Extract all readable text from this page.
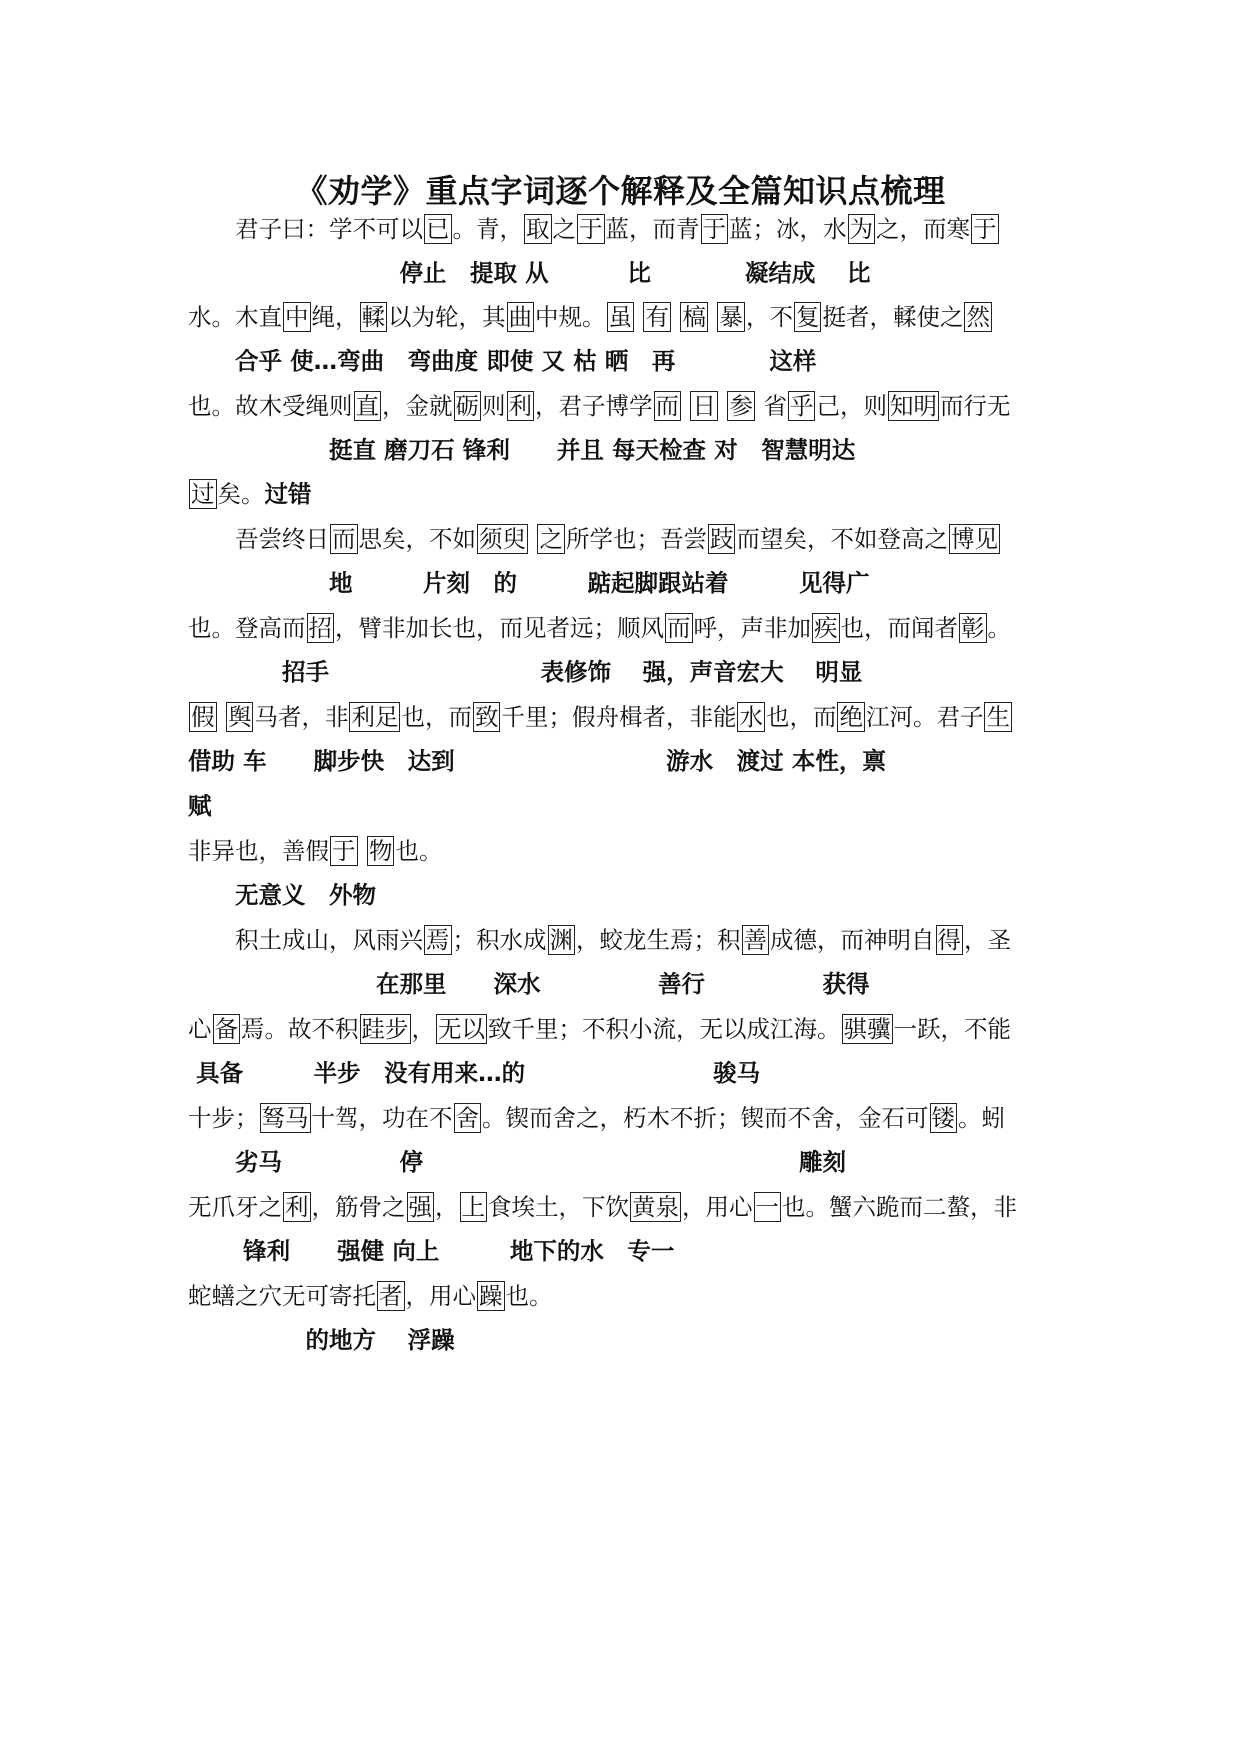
《劝学》重点字词逐个解释及全篇知识点梳理
　　君子曰：学不可以 已 。青， 取 之 于 蓝，而青 于 蓝；冰，水 为 之，而寒 于
　　　　　　　　　停止　提取 从　　　 比　　　　凝结成　 比
水。木直 中 绳， 輮 以为轮，其 曲 中规。 虽 有 槁 暴 ，不 复 挺者，輮使之 然
　　合乎 使…弯曲　弯曲度 即使 又 枯 晒　再　　　　这样
也。故木受绳则 直 ，金就 砺 则 利 ，君子博学 而 日 参 省 乎 己，则 知明 而行无
　　　　　　挺直 磨刀石 锋利　　并且 每天检查 对　智慧明达
过 矣。过错
　　吾尝终日 而 思矣，不如 须臾 之 所学也；吾尝 跂 而望矣，不如登高之 博见
　　　　　　地　　　片刻　的　　　踮起脚跟站着　　　见得广
也。登高而 招 ，臂非加长也，而见者远；顺风 而 呼，声非加 疾 也，而闻者 彰 。
　　　　招手　　　　　　　　　表修饰　 强，声音宏大　 明显
假 舆 马者，非 利足 也，而 致 千里；假舟楫者，非能 水 也，而 绝 江河。君子 生
借助 车　　脚步快　达到　　　　　　　　　游水　渡过 本性，禀
赋
非异也，善假 于 物 也。
　　无意义　外物
　　积土成山，风雨兴 焉 ；积水成 渊 ，蛟龙生焉；积 善 成德，而神明自 得 ，圣
　　　　　　　　在那里　　深水　　　　　善行　　　　　获得
心 备 焉。故不积 跬步 ， 无以 致千里；不积小流，无以成江海。 骐骥 一跃，不能
具备　　　半步　没有用来…的　　　　　　　　骏马
十步； 驽马 十驾，功在不 舍 。锲而舍之，朽木不折；锲而不舍，金石可 镂 。蚓
　　劣马　　　　　停　　　　　　　　　　　　　　　　雕刻
无爪牙之 利 ，筋骨之 强 ， 上 食埃土，下饮 黄泉 ，用心 一 也。蟹六跪而二螯，非
　　 锋利　　强健 向上　　　地下的水　专一
蛇蟮之穴无可寄托 者 ，用心 躁 也。
　　　　　的地方　 浮躁
